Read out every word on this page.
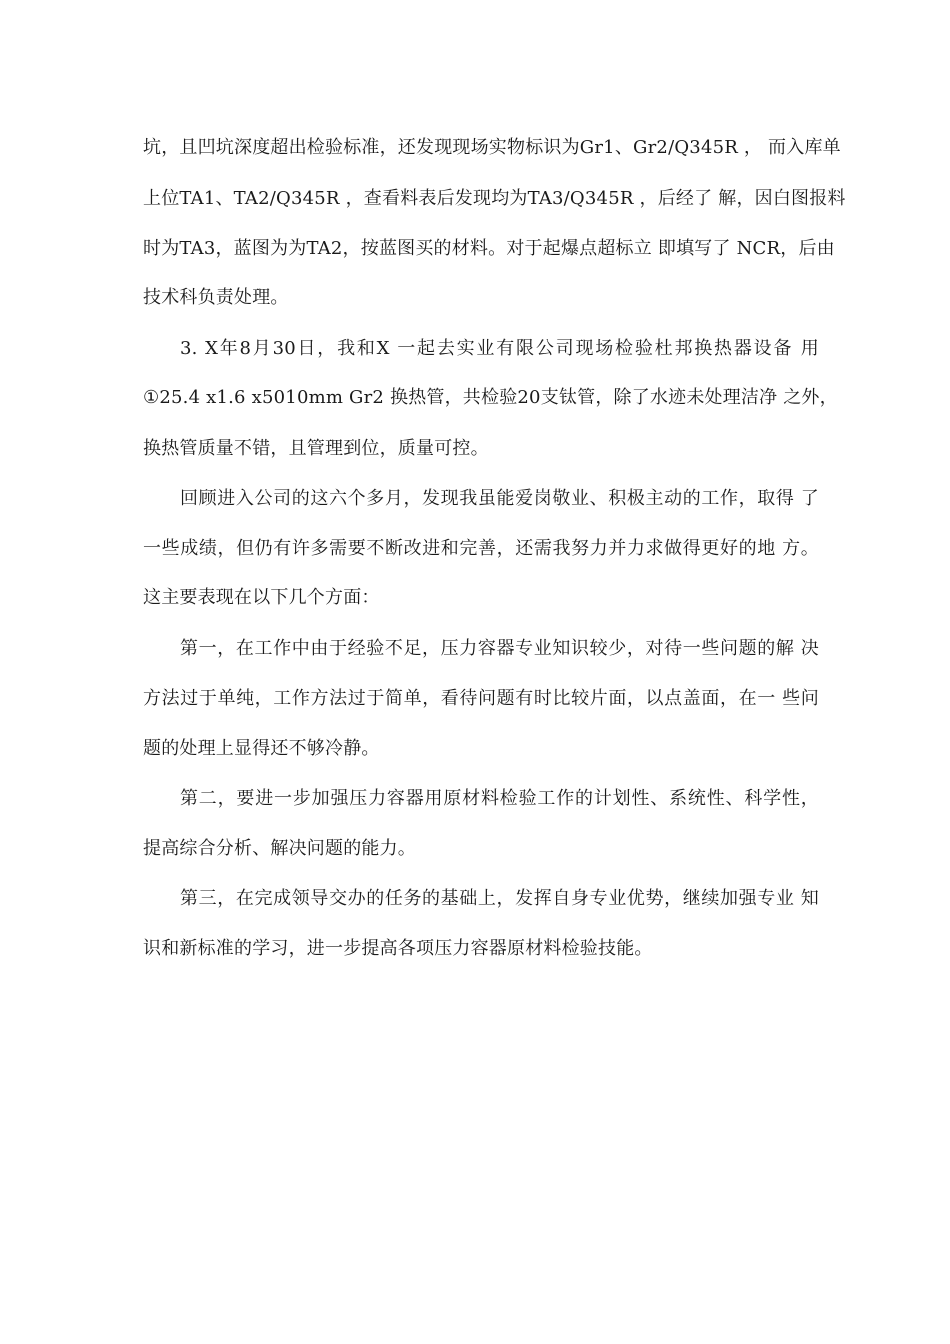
坑，且凹坑深度超出检验标准，还发现现场实物标识为Gr1、Gr2/Q345R ， 而入库单
上位TA1、TA2/Q345R ，查看料表后发现均为TA3/Q345R ，后经了 解，因白图报料
时为TA3，蓝图为为TA2，按蓝图买的材料。对于起爆点超标立 即填写了 NCR，后由
技术科负责处理。
3. X年8月30日，我和X 一起去实业有限公司现场检验杜邦换热器设备 用
①25.4 x1.6 x5010mm Gr2 换热管，共检验20支钛管，除了水迹未处理洁净 之外，
换热管质量不错，且管理到位，质量可控。
回顾进入公司的这六个多月，发现我虽能爱岗敬业、积极主动的工作，取得 了
一些成绩，但仍有许多需要不断改进和完善，还需我努力并力求做得更好的地 方。
这主要表现在以下几个方面：
第一，在工作中由于经验不足，压力容器专业知识较少，对待一些问题的解 决
方法过于单纯，工作方法过于简单，看待问题有时比较片面，以点盖面，在一 些问
题的处理上显得还不够冷静。
第二，要进一步加强压力容器用原材料检验工作的计划性、系统性、科学性，
提高综合分析、解决问题的能力。
第三，在完成领导交办的任务的基础上，发挥自身专业优势，继续加强专业 知
识和新标准的学习，进一步提高各项压力容器原材料检验技能。
